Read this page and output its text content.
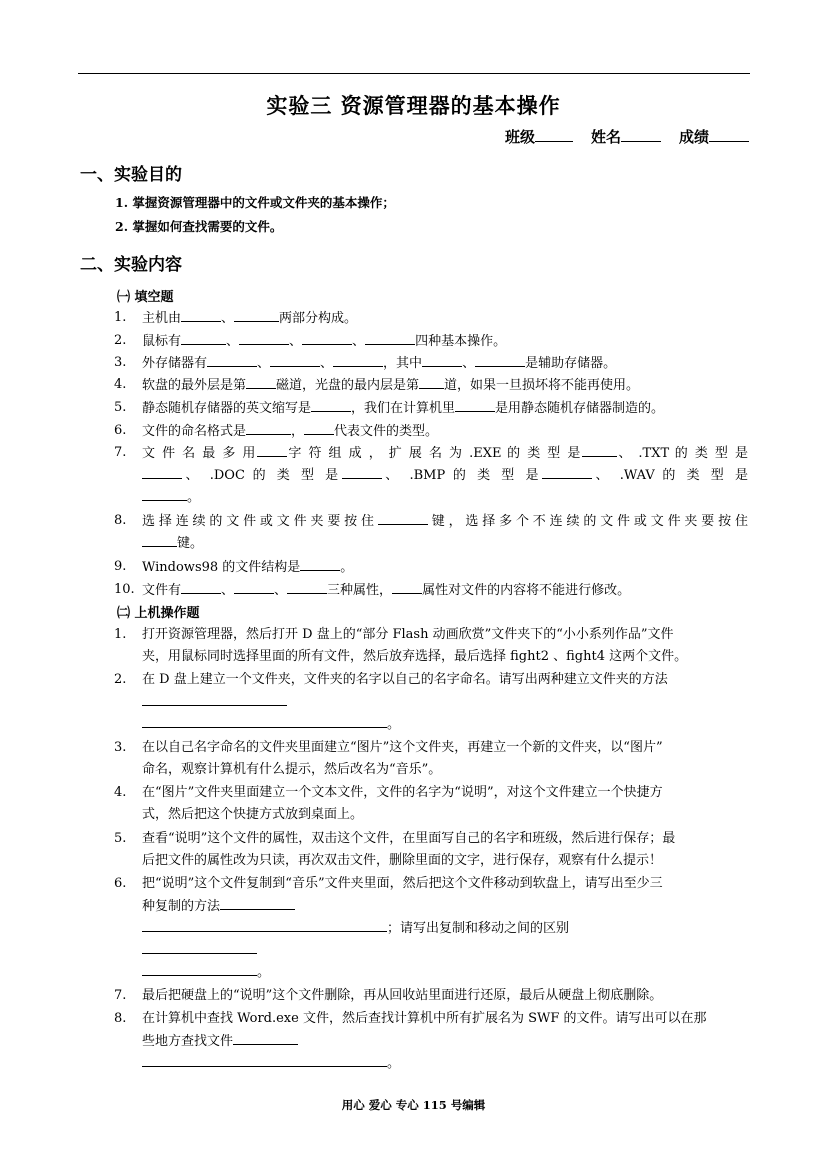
实验三 资源管理器的基本操作
班级	姓名	成绩
一、实验目的
1. 掌握资源管理器中的文件或文件夹的基本操作；
2. 掌握如何查找需要的文件。
二、实验内容
㈠ 填空题
1.	主机由	、	两部分构成。
2.	鼠标有	、	、	、	四种基本操作。
3.	外存储器有	、	、	，其中	、	是辅助存储器。
4.	软盘的最外层是第 磁道，光盘的最内层是第 道，如果一旦损坏将不能再使用。
5.	静态随机存储器的英文缩写是	，我们在计算机里	是用静态随机存储器制造的。
6.	文件的命名格式是	， 代表文件的类型。
7.	文 件 名 最 多 用 字 符 组 成 ， 扩 展 名 为 .EXE 的 类 型 是	、 .TXT 的 类 型 是
、 .DOC 的 类 型 是	、 .BMP 的 类 型 是	、 .WAV 的 类 型 是
。
8.	选择连续的文件或文件夹要按住	键，选择多个不连续的文件或文件夹要按住
键。
9.	Windows98 的文件结构是	。
10. 文件有	、	、	三种属性， 属性对文件的内容将不能进行修改。
㈡ 上机操作题
1.	打开资源管理器，然后打开 D 盘上的“部分 Flash 动画欣赏”文件夹下的“小小系列作品”文件
夹，用鼠标同时选择里面的所有文件，然后放弃选择，最后选择 fight2 、fight4 这两个文件。
2.	在 D 盘上建立一个文件夹，文件夹的名字以自己的名字命名。请写出两种建立文件夹的方法
。
3.	在以自己名字命名的文件夹里面建立“图片”这个文件夹，再建立一个新的文件夹，以“图片”
命名，观察计算机有什么提示，然后改名为“音乐”。
4.	在“图片”文件夹里面建立一个文本文件，文件的名字为“说明”，对这个文件建立一个快捷方
式，然后把这个快捷方式放到桌面上。
5.	查看“说明”这个文件的属性，双击这个文件，在里面写自己的名字和班级，然后进行保存；最
后把文件的属性改为只读，再次双击文件，删除里面的文字，进行保存，观察有什么提示！
6.	把“说明”这个文件复制到“音乐”文件夹里面，然后把这个文件移动到软盘上，请写出至少三
种复制的方法
；请写出复制和移动之间的区别
。
7.	最后把硬盘上的“说明”这个文件删除，再从回收站里面进行还原，最后从硬盘上彻底删除。
8.	在计算机中查找 Word.exe 文件，然后查找计算机中所有扩展名为 SWF 的文件。请写出可以在那
些地方查找文件
。
用心 爱心 专心 115 号编辑
